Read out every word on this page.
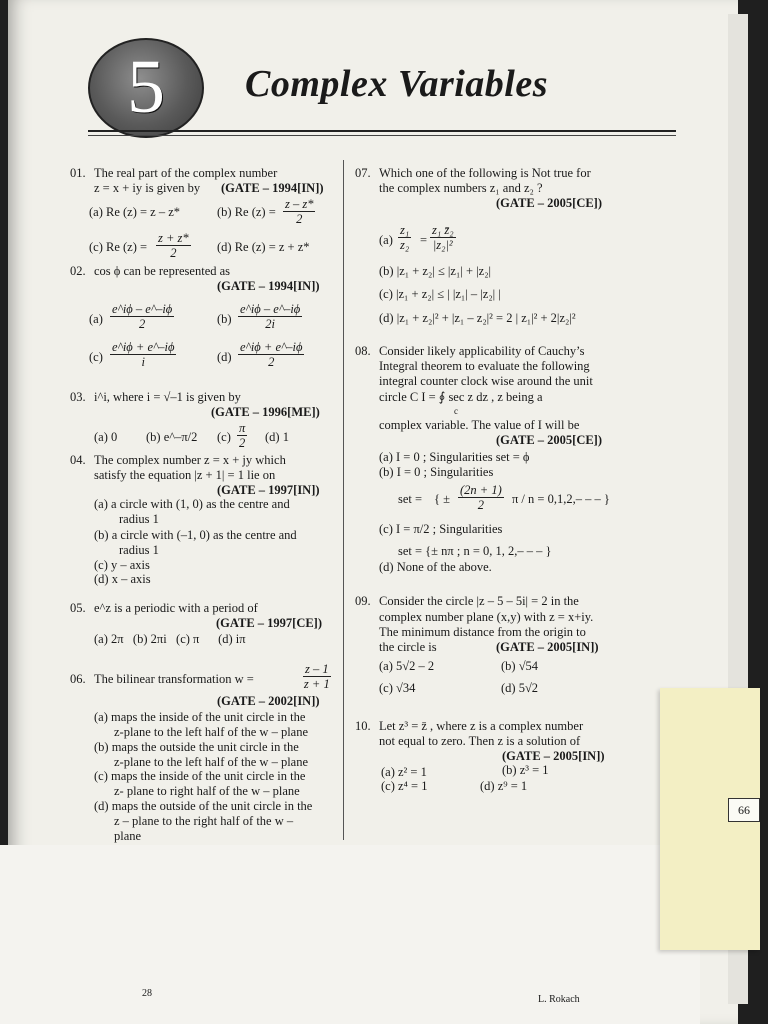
66
5	Complex Variables
01. The real part of the complex number
z = x + iy is given by (GATE – 1994[IN])
(a) Re (z) = z – z*	(b) Re $(z) = \frac{z - z*}{2}$
(c) Re $(z) = \frac{z + z*}{2} (d)$ Re (z) = z + z*
02. cos ϕ can be represented as
(GATE – 1994[IN])
$(a) \frac{e\^{}i\phi - e\^{}-i\phi}{2}$	$(b) \frac{e\^{}i\phi - e\^{}-i\phi}{2i}$
$(c) \frac{e\^{}i\phi + e\^{}-i\phi}{i}$	$(d) \frac{e\^{}i\phi + e\^{}-i\phi}{2}$
03. i^i, where i = √–1 is given by
(GATE – 1996[ME])
(a) 0 (b) e^–π/2 $(c) \frac{\pi}{2} (d)$ 1
04. The complex number z = x + jy which
satisfy the equation |z + 1| = 1 lie on
(GATE – 1997[IN])
(a) a circle with (1, 0) as the centre and
radius 1
(b) a circle with (–1, 0) as the centre and
radius 1
(c) y – axis
(d) x – axis
05. e^z is a periodic with a period of
(GATE – 1997[CE])
(a) 2π   (b) 2πi   (c) π      (d) iπ
06. The bilinear transformation w =	$\frac{z - 1}{z + 1}$
(GATE – 2002[IN])
(a) maps the inside of the unit circle in the
z-plane to the left half of the w – plane
(b) maps the outside the unit circle in the
z-plane to the left half of the w – plane
(c) maps the inside of the unit circle in the
z- plane to right half of the w – plane
(d) maps the outside of the unit circle in the
z – plane to the right half of the w –
plane
07. Which one of the following is Not true for
the complex numbers z₁ and z₂ ?
(GATE – 2005[CE])
$(a) \frac{\text{z₁}}{\text{z₂}} = \frac{\text{z₁ z̄₂}}{\text{|z₂|²}}$
(b) |z₁ + z₂| ≤ |z₁| + |z₂|
(c) |z₁ + z₂| ≤ | |z₁| – |z₂| |
(d) |z₁ + z₂|² + |z₁ – z₂|² = 2 | z₁|² + 2|z₂|²
08. Consider likely applicability of Cauchy’s
Integral theorem to evaluate the following
integral counter clock wise around the unit
circle C I = ∮ sec z dz , z being a
c
complex variable. The value of I will be
(GATE – 2005[CE])
(a) I = 0 ; Singularities set = ϕ
(b) I = 0 ; Singularities
set = { ± $\frac{(2n + 1)}{2}$ π / n = 0,1,2,– – – }
(c) I = π/2 ; Singularities
set = {± nπ ; n = 0, 1, 2,– – – }
(d) None of the above.
09. Consider the circle |z – 5 – 5i| = 2 in the
complex number plane (x,y) with z = x+iy.
The minimum distance from the origin to
the circle is	(GATE – 2005[IN])
(a) 5√2 – 2	(b) √54
(c) √34	(d) 5√2
10. Let z³ = z̄ , where z is a complex number
not equal to zero. Then z is a solution of
(GATE – 2005[IN])
(a) z² = 1	(b) z³ = 1
(c) z⁴ = 1	(d) z⁹ = 1
28
L. Rokach
